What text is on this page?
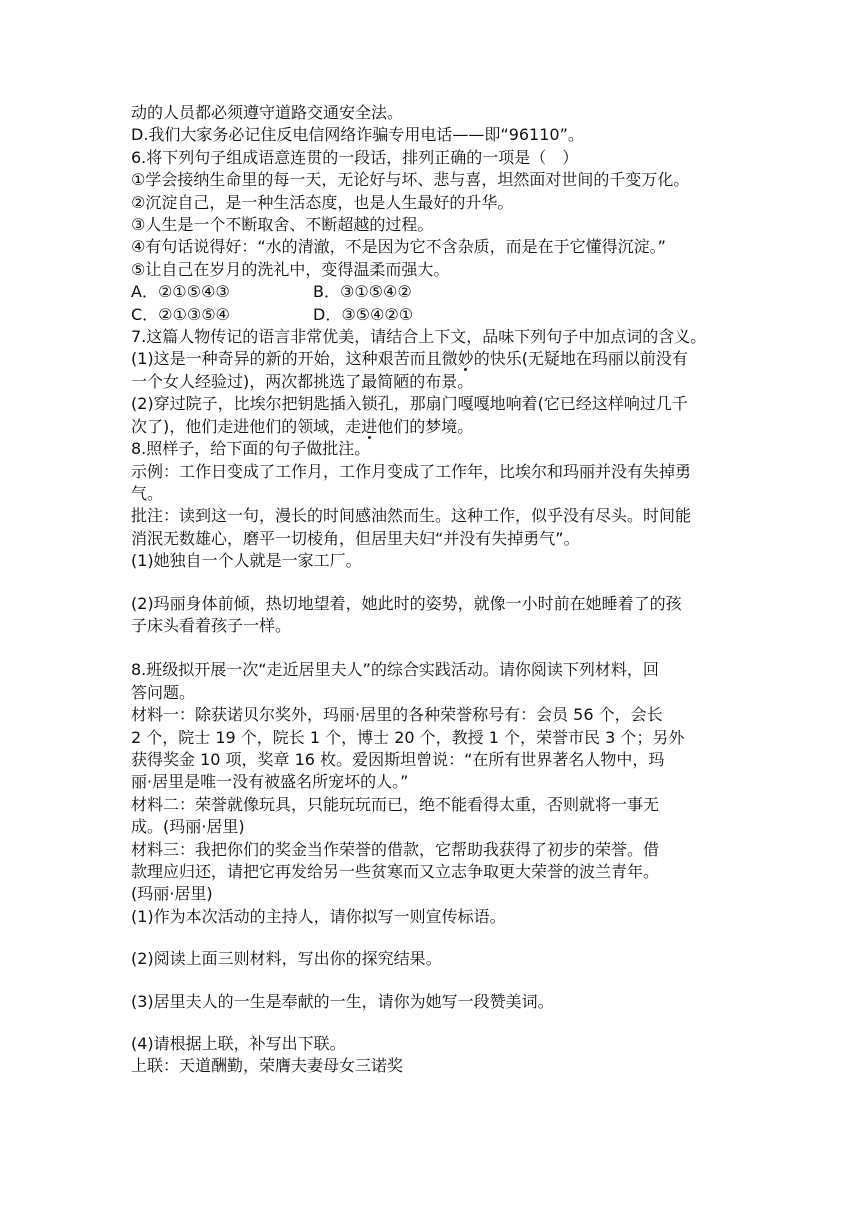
动的人员都必须遵守道路交通安全法。
D.我们大家务必记住反电信网络诈骗专用电话——即“96110”。
6.将下列句子组成语意连贯的一段话，排列正确的一项是（　）
①学会接纳生命里的每一天，无论好与坏、悲与喜，坦然面对世间的千变万化。
②沉淀自己，是一种生活态度，也是人生最好的升华。
③人生是一个不断取舍、不断超越的过程。
④有句话说得好：“水的清澈，不是因为它不含杂质，而是在于它懂得沉淀。”
⑤让自己在岁月的洗礼中，变得温柔而强大。
A．②①⑤④③	B．③①⑤④②
C．②①③⑤④	D．③⑤④②①
7.这篇人物传记的语言非常优美，请结合上下文，品味下列句子中加点词的含义。
(1)这是一种奇异的新的开始，这种艰苦而且微妙的快乐(无疑地在玛丽以前没有
一个女人经验过)，两次都挑选了最简陋的布景。
(2)穿过院子，比埃尔把钥匙插入锁孔，那扇门嘎嘎地响着(它已经这样响过几千
次了)，他们走进他们的领域，走进他们的梦境。
8.照样子，给下面的句子做批注。
示例：工作日变成了工作月，工作月变成了工作年，比埃尔和玛丽并没有失掉勇
气。
批注：读到这一句，漫长的时间感油然而生。这种工作，似乎没有尽头。时间能
消泯无数雄心，磨平一切棱角，但居里夫妇“并没有失掉勇气”。
(1)她独自一个人就是一家工厂。
(2)玛丽身体前倾，热切地望着，她此时的姿势，就像一小时前在她睡着了的孩
子床头看着孩子一样。
8.班级拟开展一次“走近居里夫人”的综合实践活动。请你阅读下列材料，回
答问题。
材料一：除获诺贝尔奖外，玛丽·居里的各种荣誉称号有：会员 56 个，会长
2 个，院士 19 个，院长 1 个，博士 20 个，教授 1 个，荣誉市民 3 个；另外
获得奖金 10 项，奖章 16 枚。爱因斯坦曾说：“在所有世界著名人物中，玛
丽·居里是唯一没有被盛名所宠坏的人。”
材料二：荣誉就像玩具，只能玩玩而已，绝不能看得太重，否则就将一事无
成。(玛丽·居里)
材料三：我把你们的奖金当作荣誉的借款，它帮助我获得了初步的荣誉。借
款理应归还，请把它再发给另一些贫寒而又立志争取更大荣誉的波兰青年。
(玛丽·居里)
(1)作为本次活动的主持人，请你拟写一则宣传标语。
(2)阅读上面三则材料，写出你的探究结果。
(3)居里夫人的一生是奉献的一生，请你为她写一段赞美词。
(4)请根据上联，补写出下联。
上联：天道酬勤，荣膺夫妻母女三诺奖
